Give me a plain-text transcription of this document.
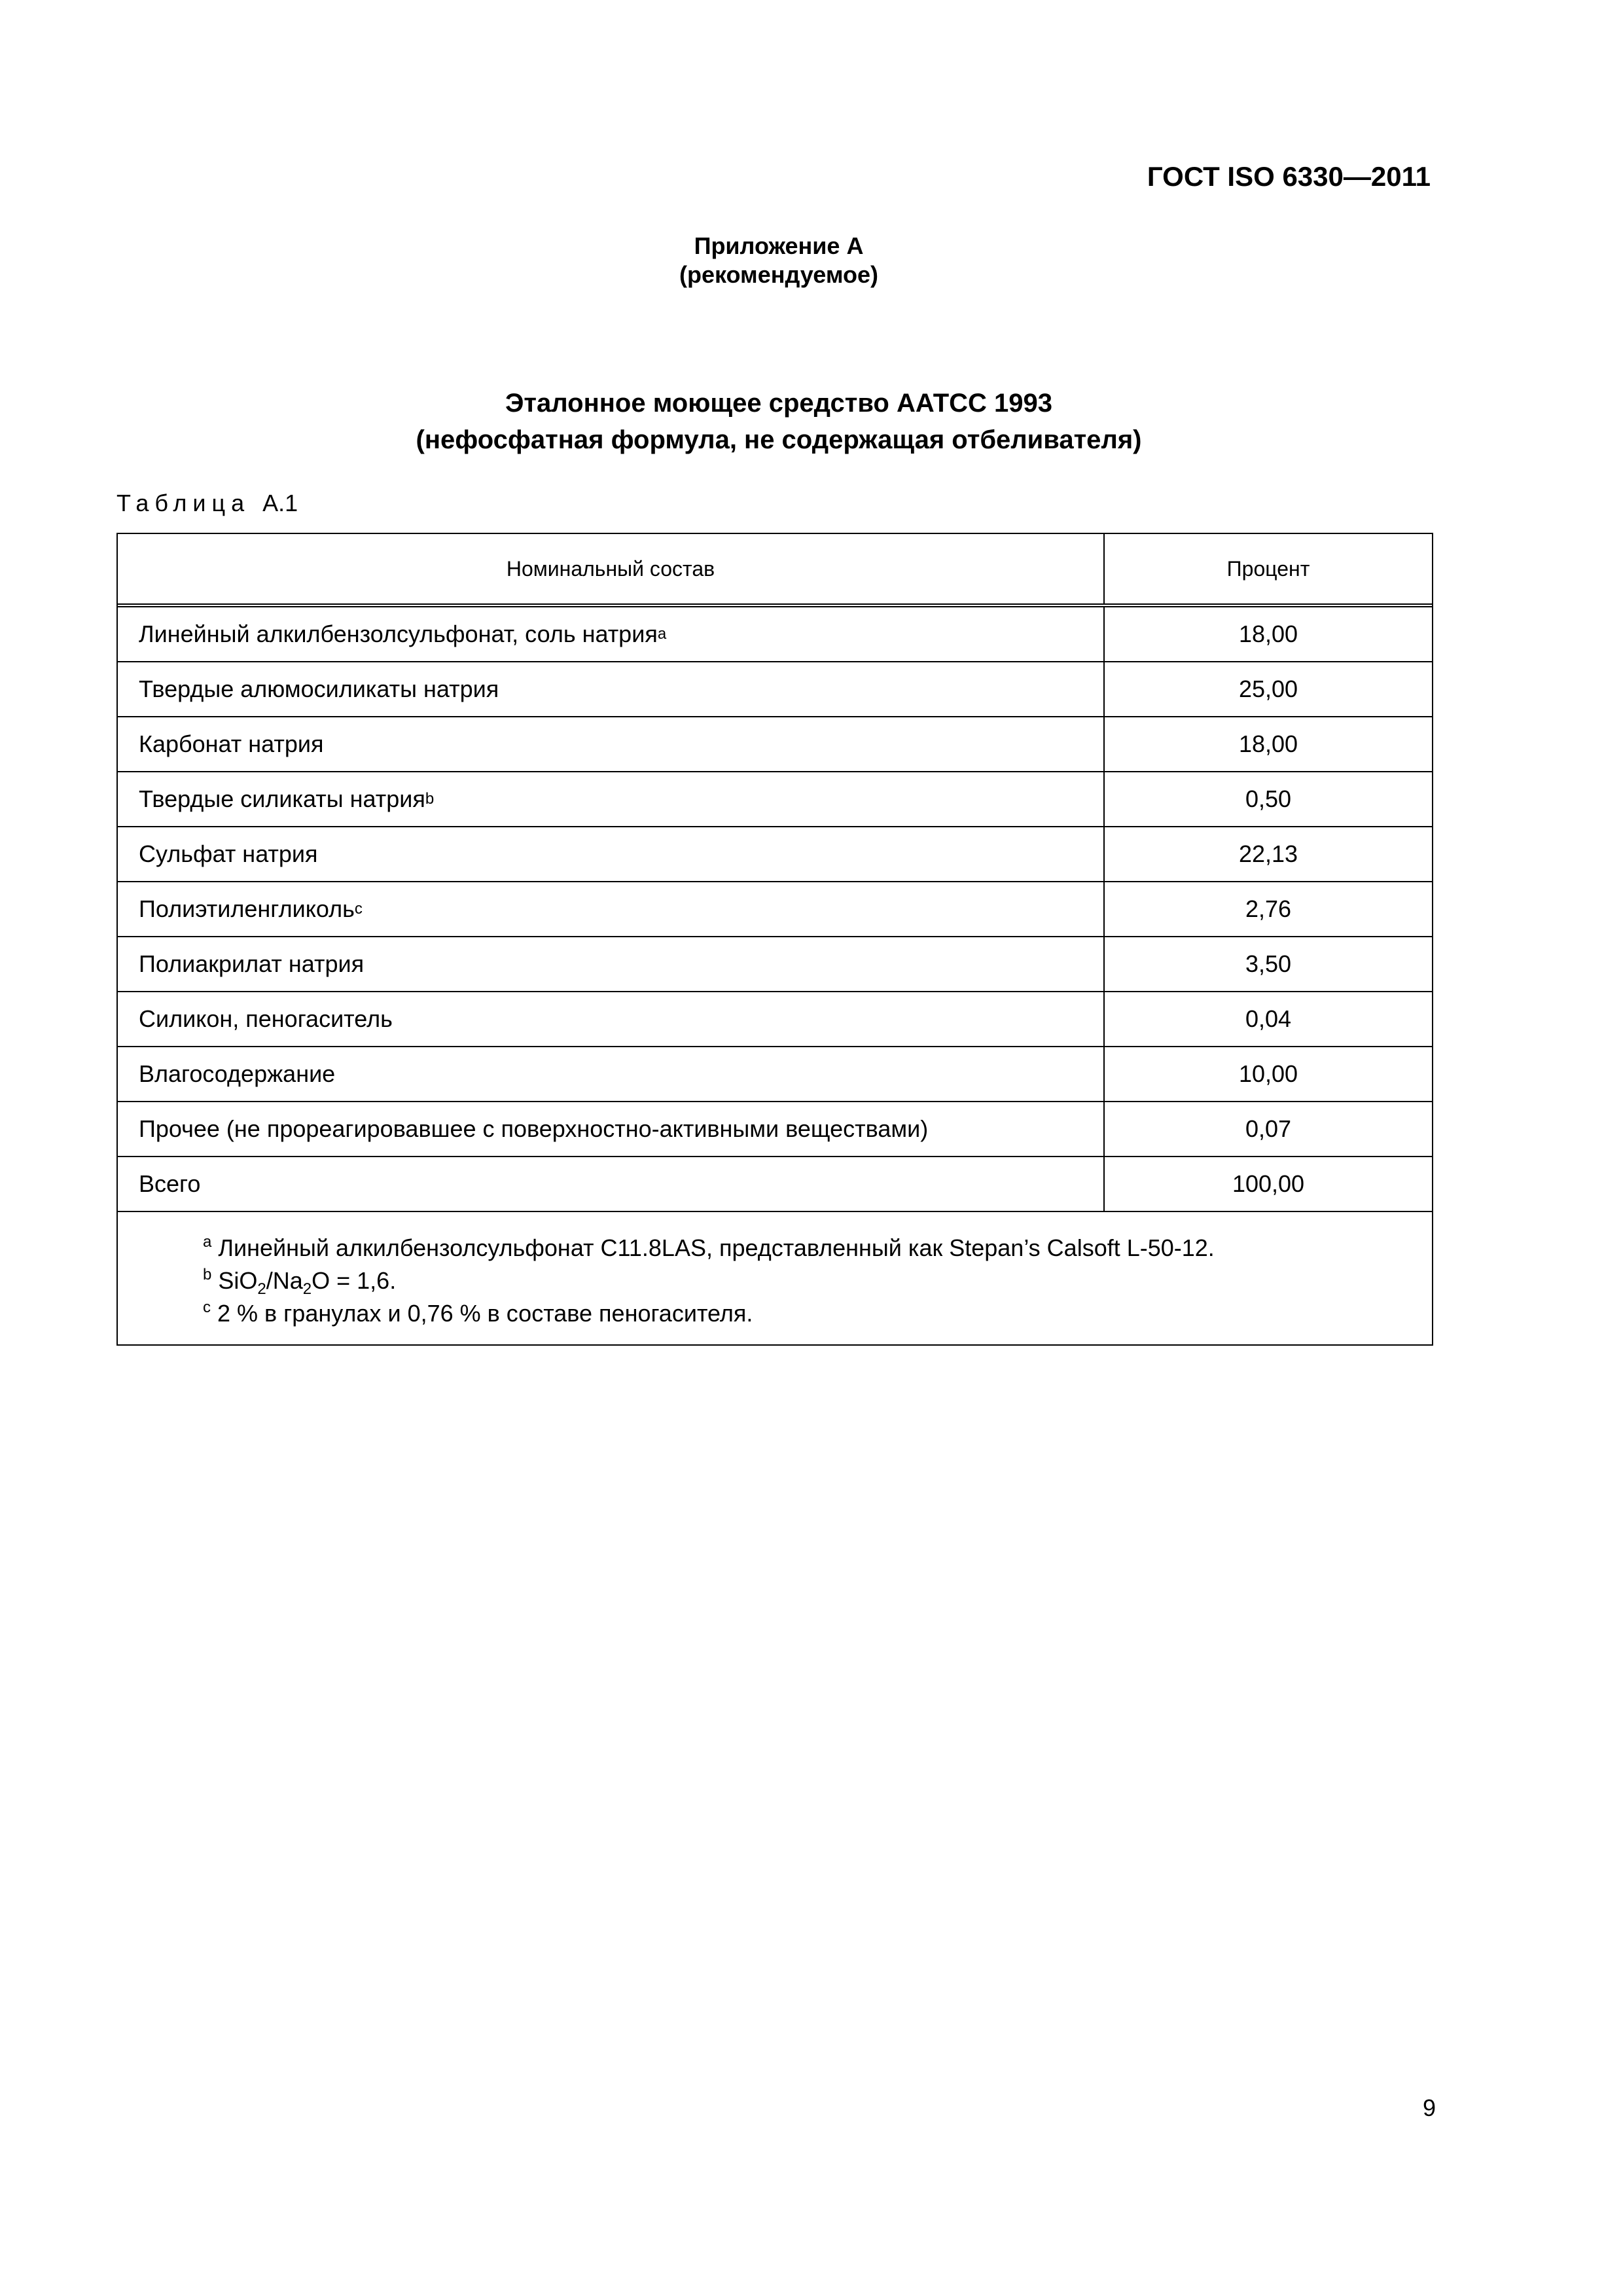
ГОСТ ISO 6330—2011
Приложение А
(рекомендуемое)
Эталонное моющее средство ААТСС 1993
(нефосфатная формула, не содержащая отбеливателя)
Таблица А.1
Номинальный состав	Процент
Линейный алкилбензолсульфонат, соль натрия a	18,00
Твердые алюмосиликаты натрия	25,00
Карбонат натрия	18,00
Твердые силикаты натрия b	0,50
Сульфат натрия	22,13
Полиэтиленгликоль c	2,76
Полиакрилат натрия	3,50
Силикон, пеногаситель	0,04
Влагосодержание	10,00
Прочее (не прореагировавшее с поверхностно-активными веществами)	0,07
Всего	100,00
$^a$ Линейный алкилбензолсульфонат С11.8LAS, представленный как Stepan’s Calsoft L-50-12.
$^b$ $SiO_2/Na_2O = 1,6$.
$^c$ 2 % в гранулах и 0,76 % в составе пеногасителя.
9
